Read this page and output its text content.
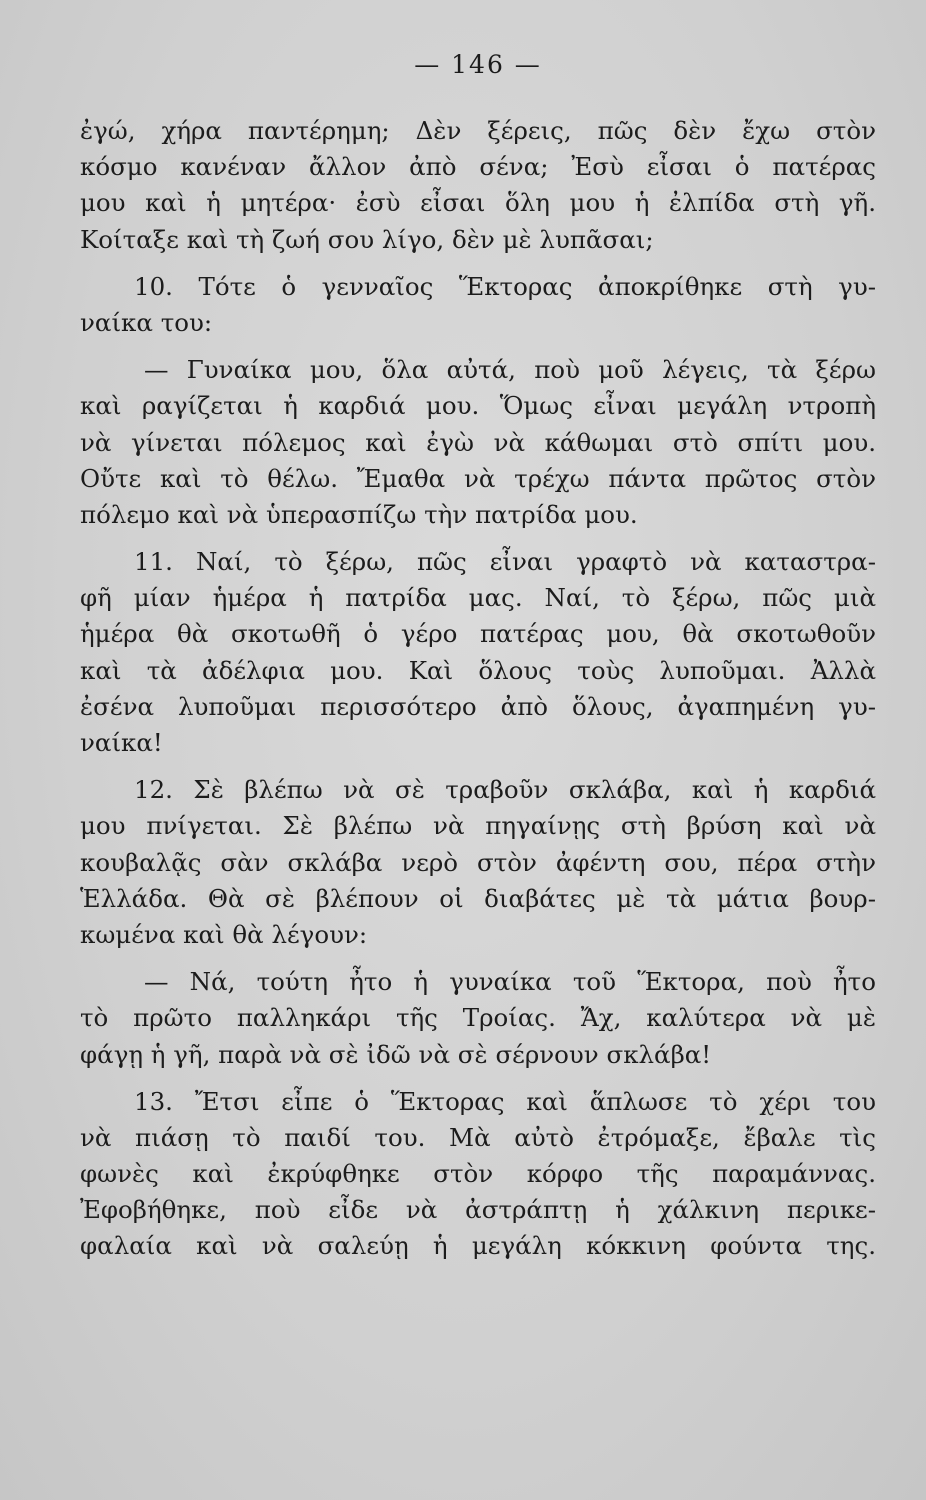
— 146 —
ἐγώ, χήρα παντέρημη; Δὲν ξέρεις, πῶς δὲν ἔχω στὸν
κόσμο κανέναν ἄλλον ἀπὸ σένα; Ἐσὺ εἶσαι ὁ πατέρας
μου καὶ ἡ μητέρα· ἐσὺ εἶσαι ὅλη μου ἡ ἐλπίδα στὴ γῆ.
Κοίταξε καὶ τὴ ζωή σου λίγο, δὲν μὲ λυπᾶσαι;
10. Τότε ὁ γενναῖος Ἕκτορας ἀποκρίθηκε στὴ γυ-
ναίκα του:
— Γυναίκα μου, ὅλα αὐτά, ποὺ μοῦ λέγεις, τὰ ξέρω
καὶ ραγίζεται ἡ καρδιά μου. Ὅμως εἶναι μεγάλη ντροπὴ
νὰ γίνεται πόλεμος καὶ ἐγὼ νὰ κάθωμαι στὸ σπίτι μου.
Οὔτε καὶ τὸ θέλω. Ἔμαθα νὰ τρέχω πάντα πρῶτος στὸν
πόλεμο καὶ νὰ ὑπερασπίζω τὴν πατρίδα μου.
11. Ναί, τὸ ξέρω, πῶς εἶναι γραφτὸ νὰ καταστρα-
φῆ μίαν ἡμέρα ἡ πατρίδα μας. Ναί, τὸ ξέρω, πῶς μιὰ
ἡμέρα θὰ σκοτωθῆ ὁ γέρο πατέρας μου, θὰ σκοτωθοῦν
καὶ τὰ ἀδέλφια μου. Καὶ ὅλους τοὺς λυποῦμαι. Ἀλλὰ
ἐσένα λυποῦμαι περισσότερο ἀπὸ ὅλους, ἀγαπημένη γυ-
ναίκα!
12. Σὲ βλέπω νὰ σὲ τραβοῦν σκλάβα, καὶ ἡ καρδιά
μου πνίγεται. Σὲ βλέπω νὰ πηγαίνῃς στὴ βρύση καὶ νὰ
κουβαλᾷς σὰν σκλάβα νερὸ στὸν ἀφέντη σου, πέρα στὴν
Ἑλλάδα. Θὰ σὲ βλέπουν οἱ διαβάτες μὲ τὰ μάτια βουρ-
κωμένα καὶ θὰ λέγουν:
— Νά, τούτη ἦτο ἡ γυναίκα τοῦ Ἕκτορα, ποὺ ἦτο
τὸ πρῶτο παλληκάρι τῆς Τροίας. Ἄχ, καλύτερα νὰ μὲ
φάγῃ ἡ γῆ, παρὰ νὰ σὲ ἰδῶ νὰ σὲ σέρνουν σκλάβα!
13. Ἔτσι εἶπε ὁ Ἕκτορας καὶ ἅπλωσε τὸ χέρι του
νὰ πιάσῃ τὸ παιδί του. Μὰ αὐτὸ ἐτρόμαξε, ἔβαλε τὶς
φωνὲς καὶ ἐκρύφθηκε στὸν κόρφο τῆς παραμάννας.
Ἐφοβήθηκε, ποὺ εἶδε νὰ ἀστράπτῃ ἡ χάλκινη περικε-
φαλαία καὶ νὰ σαλεύῃ ἡ μεγάλη κόκκινη φούντα της.
